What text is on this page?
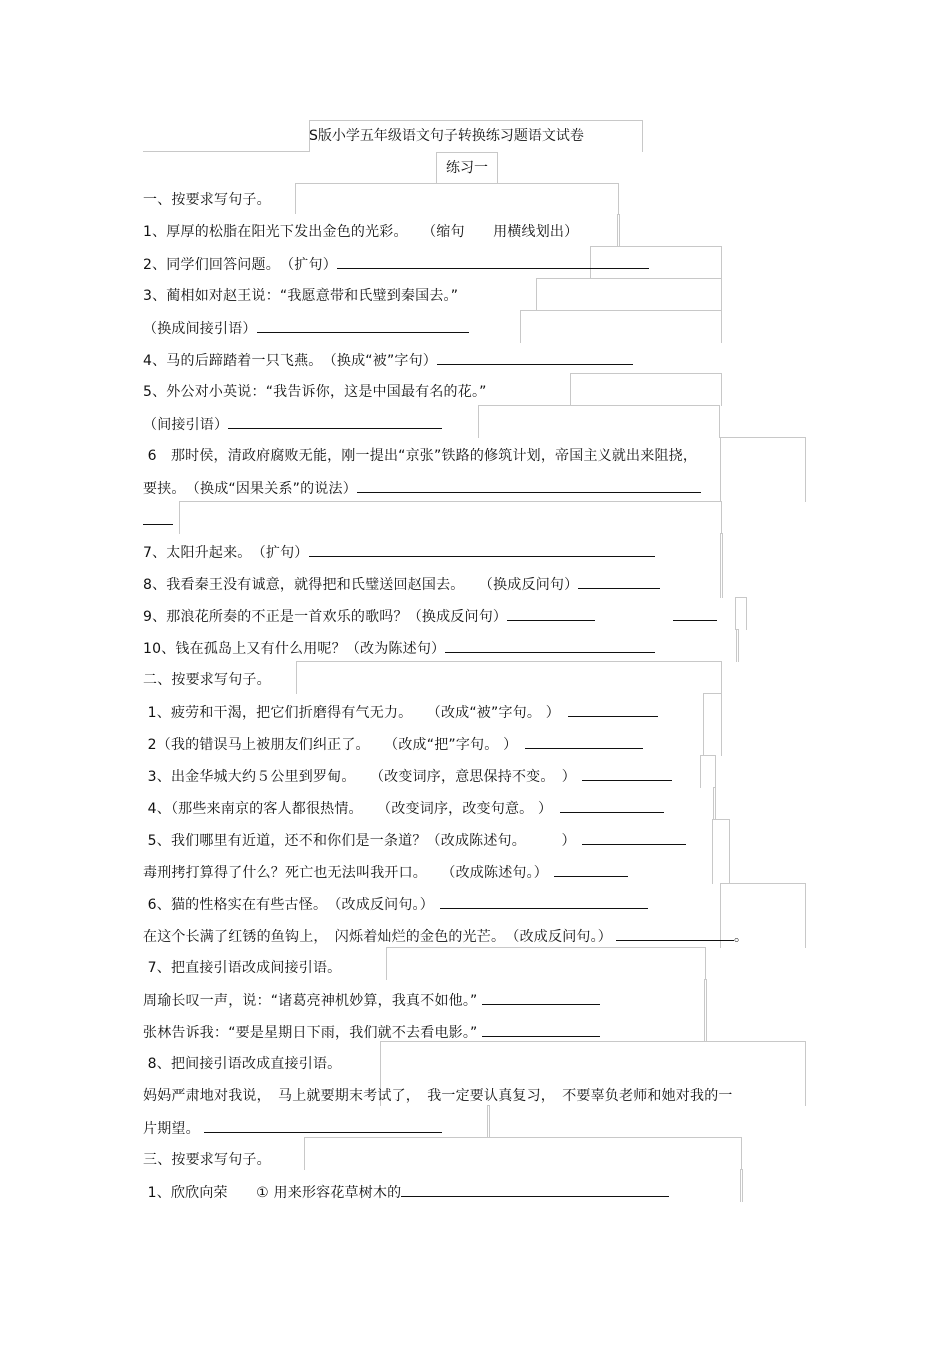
S版小学五年级语文句子转换练习题语文试卷
练习一
一、按要求写句子。
1、厚厚的松脂在阳光下发出金色的光彩。　　（缩句　　用横线划出）
2、同学们回答问题。　（扩句）
3、蔺相如对赵王说：“我愿意带和氏璧到秦国去。”
（换成间接引语）
4、马的后蹄踏着一只飞燕。　（换成“被”字句）
5、外公对小英说：“我告诉你，这是中国最有名的花。”
（间接引语）
6　那时侯，清政府腐败无能，刚一提出“京张”铁路的修筑计划，帝国主义就出来阻挠，
要挟。　（换成“因果关系”的说法）
7、太阳升起来。　（扩句）
8、我看秦王没有诚意，就得把和氏璧送回赵国去。　　（换成反问句）
9、那浪花所奏的不正是一首欢乐的歌吗？（换成反问句）
10、钱在孤岛上又有什么用呢？（改为陈述句）
二、按要求写句子。
1、疲劳和干渴，把它们折磨得有气无力。　　（改成“被”字句。 ）
2（我的错误马上被朋友们纠正了。　　（改成“把”字句。 ）
3、出金华城大约５公里到罗甸。　　（改变词序，意思保持不变。　）
4、（那些来南京的客人都很热情。　　（改变词序，改变句意。 ）
5、我们哪里有近道，还不和你们是一条道？（改成陈述句。　　　）
毒刑拷打算得了什么？死亡也无法叫我开口。　　（改成陈述句。）
6、猫的性格实在有些古怪。　（改成反问句。）
在这个长满了红锈的鱼钩上，　闪烁着灿烂的金色的光芒。　（改成反问句。）	。
7、把直接引语改成间接引语。
周瑜长叹一声，说：“诸葛亮神机妙算，我真不如他。”
张林告诉我：“要是星期日下雨，我们就不去看电影。”
8、把间接引语改成直接引语。
妈妈严肃地对我说，　马上就要期末考试了，　我一定要认真复习，　不要辜负老师和她对我的一
片期望。
三、按要求写句子。
1、欣欣向荣　　① 用来形容花草树木的
